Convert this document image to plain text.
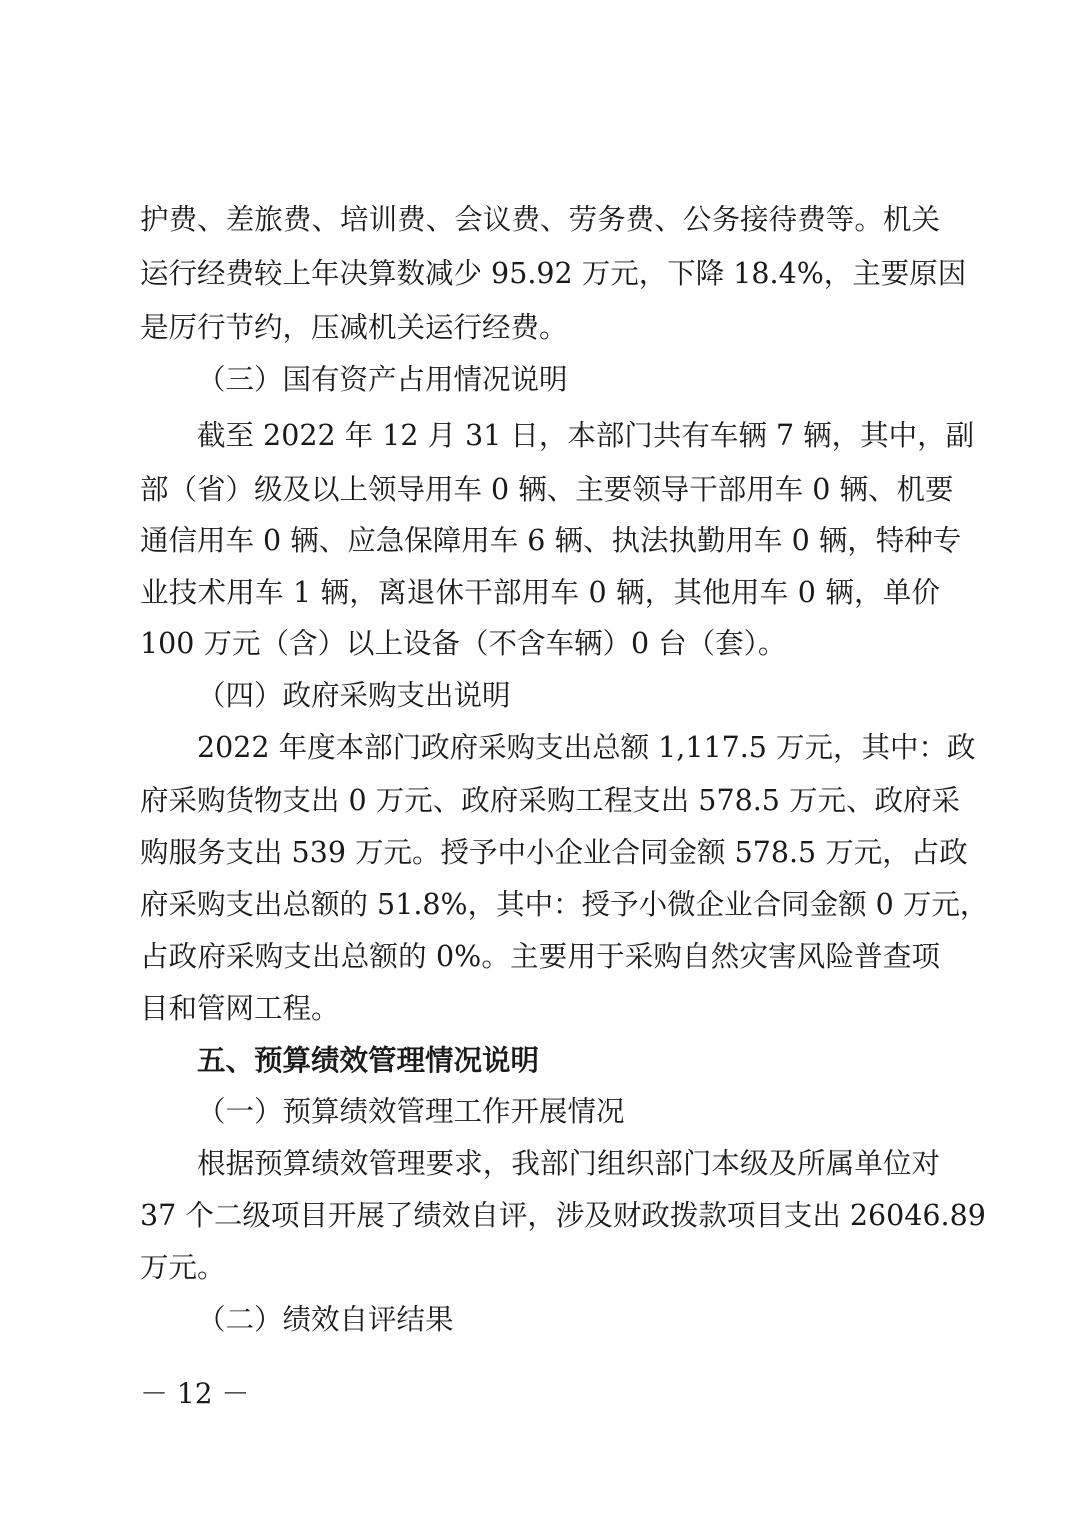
护费、差旅费、培训费、会议费、劳务费、公务接待费等。机关
运行经费较上年决算数减少 95.92 万元，下降 18.4%，主要原因
是厉行节约，压减机关运行经费。
（三）国有资产占用情况说明
截至 2022 年 12 月 31 日，本部门共有车辆 7 辆，其中，副
部（省）级及以上领导用车 0 辆、主要领导干部用车 0 辆、机要
通信用车 0 辆、应急保障用车 6 辆、执法执勤用车 0 辆，特种专
业技术用车 1 辆，离退休干部用车 0 辆，其他用车 0 辆，单价
100 万元（含）以上设备（不含车辆）0 台（套）。
（四）政府采购支出说明
2022 年度本部门政府采购支出总额 1,117.5 万元，其中：政
府采购货物支出 0 万元、政府采购工程支出 578.5 万元、政府采
购服务支出 539 万元。授予中小企业合同金额 578.5 万元，占政
府采购支出总额的 51.8%，其中：授予小微企业合同金额 0 万元，
占政府采购支出总额的 0%。主要用于采购自然灾害风险普查项
目和管网工程。
五、预算绩效管理情况说明
（一）预算绩效管理工作开展情况
根据预算绩效管理要求，我部门组织部门本级及所属单位对
37 个二级项目开展了绩效自评，涉及财政拨款项目支出 26046.89
万元。
（二）绩效自评结果
－ 12 －
